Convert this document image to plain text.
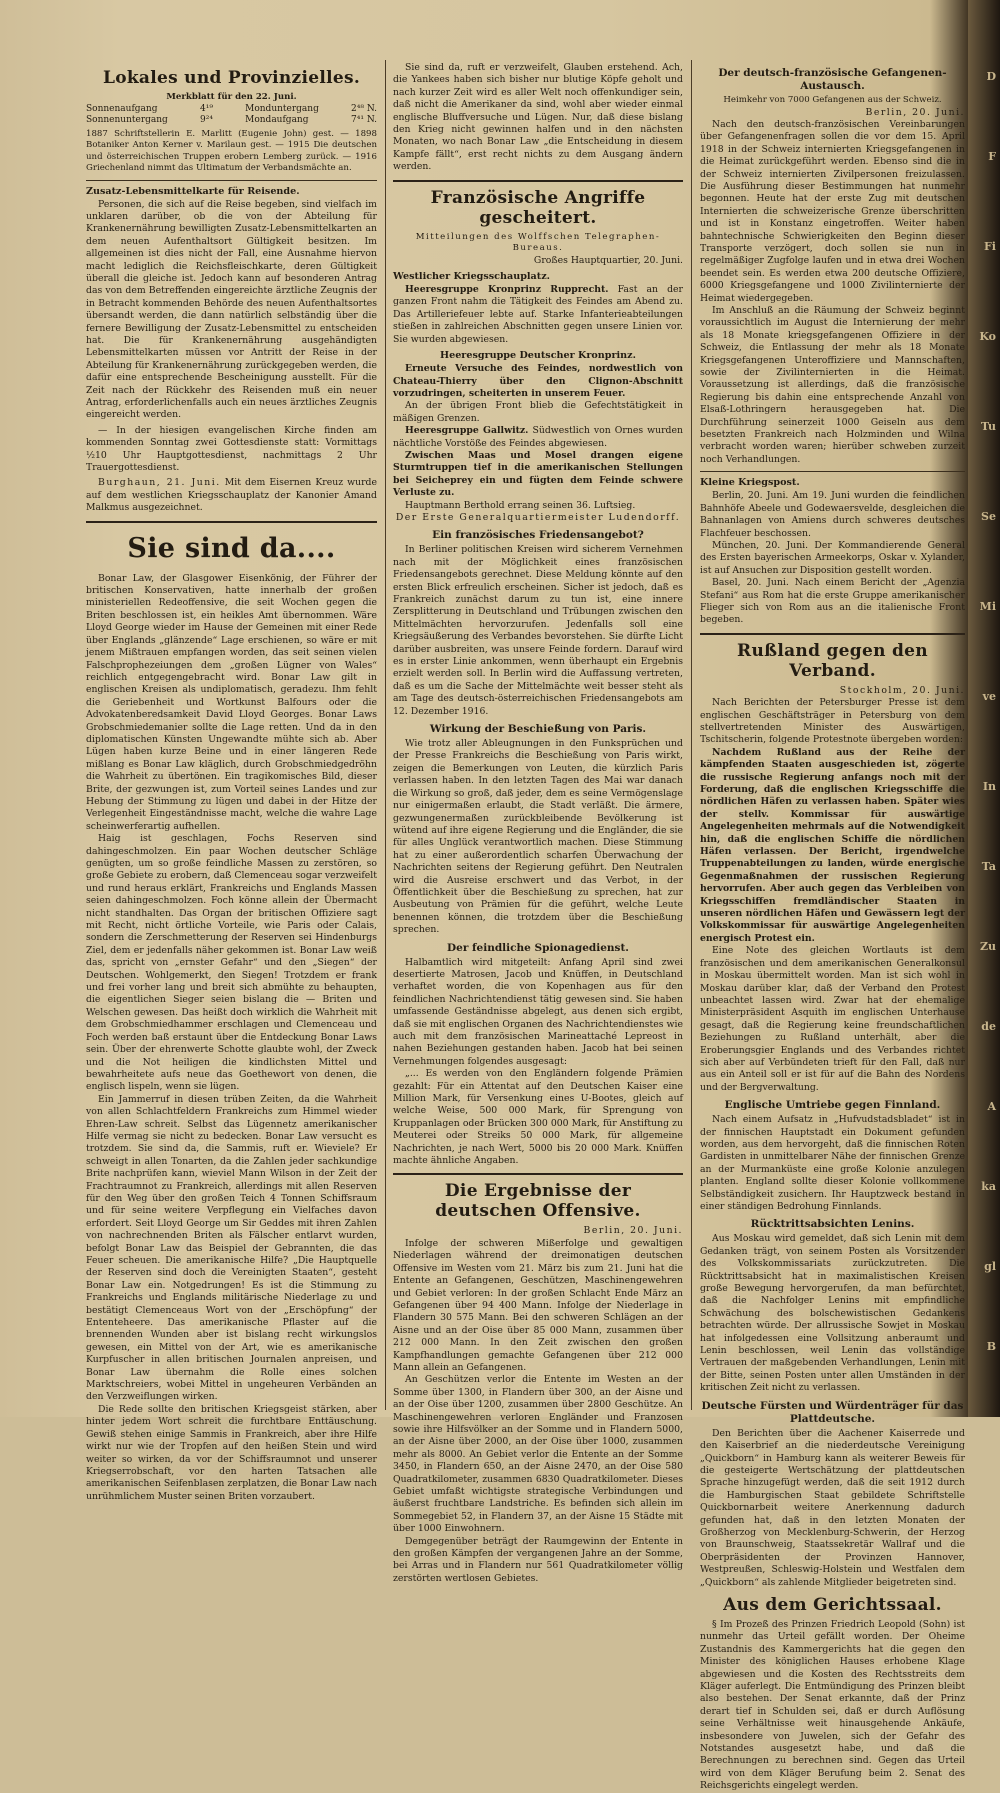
Lokales und Provinzielles.
Merkblatt für den 22. Juni.
Sonnenaufgang
Sonnenuntergang
4¹⁹
9²⁴
Monduntergang
Mondaufgang
2⁴⁸ N.
7⁴¹ N.
1887 Schriftstellerin E. Marlitt (Eugenie John) gest. — 1898 Botaniker Anton Kerner v. Marilaun gest. — 1915 Die deutschen und österreichischen Truppen erobern Lemberg zurück. — 1916 Griechenland nimmt das Ultimatum der Verbandsmächte an.
Zusatz-Lebensmittelkarte für Reisende.

Personen, die sich auf die Reise begeben, sind vielfach im unklaren darüber, ob die von der Abteilung für Krankenernährung bewilligten Zusatz-Lebensmittelkarten an dem neuen Aufenthaltsort Gültigkeit besitzen. Im allgemeinen ist dies nicht der Fall, eine Ausnahme hiervon macht lediglich die Reichsfleischkarte, deren Gültigkeit überall die gleiche ist. Jedoch kann auf besonderen Antrag das von dem Betreffenden eingereichte ärztliche Zeugnis der in Betracht kommenden Behörde des neuen Aufenthaltsortes übersandt werden, die dann natürlich selbständig über die fernere Bewilligung der Zusatz-Lebensmittel zu entscheiden hat. Die für Krankenernährung ausgehändigten Lebensmittelkarten müssen vor Antritt der Reise in der Abteilung für Krankenernährung zurückgegeben werden, die dafür eine entsprechende Bescheinigung ausstellt. Für die Zeit nach der Rückkehr des Reisenden muß ein neuer Antrag, erforderlichenfalls auch ein neues ärztliches Zeugnis eingereicht werden.

— In der hiesigen evangelischen Kirche finden am kommenden Sonntag zwei Gottesdienste statt: Vormittags ½10 Uhr Hauptgottesdienst, nachmittags 2 Uhr Trauergottesdienst.

Burghaun, 21. Juni. Mit dem Eisernen Kreuz wurde auf dem westlichen Kriegsschauplatz der Kanonier Amand Malkmus ausgezeichnet.

Sie sind da....

Bonar Law, der Glasgower Eisenkönig, der Führer der britischen Konservativen, hatte innerhalb der großen ministeriellen Redeoffensive, die seit Wochen gegen die Briten beschlossen ist, ein heikles Amt übernommen. Wäre Lloyd George wieder im Hause der Gemeinen mit einer Rede über Englands „glänzende“ Lage erschienen, so wäre er mit jenem Mißtrauen empfangen worden, das seit seinen vielen Falschprophezeiungen dem „großen Lügner von Wales“ reichlich entgegengebracht wird. Bonar Law gilt in englischen Kreisen als undiplomatisch, geradezu. Ihm fehlt die Geriebenheit und Wortkunst Balfours oder die Advokatenberedsamkeit David Lloyd Georges. Bonar Laws Grobschmiedemanier sollte die Lage retten. Und da in den diplomatischen Künsten Ungewandte mühte sich ab. Aber Lügen haben kurze Beine und in einer längeren Rede mißlang es Bonar Law kläglich, durch Grobschmiedgedröhn die Wahrheit zu übertönen. Ein tragikomisches Bild, dieser Brite, der gezwungen ist, zum Vorteil seines Landes und zur Hebung der Stimmung zu lügen und dabei in der Hitze der Verlegenheit Eingeständnisse macht, welche die wahre Lage scheinwerferartig aufhellen.

Haig ist geschlagen, Fochs Reserven sind dahingeschmolzen. Ein paar Wochen deutscher Schläge genügten, um so große feindliche Massen zu zerstören, so große Gebiete zu erobern, daß Clemenceau sogar verzweifelt und rund heraus erklärt, Frankreichs und Englands Massen seien dahingeschmolzen. Foch könne allein der Übermacht nicht standhalten. Das Organ der britischen Offiziere sagt mit Recht, nicht örtliche Vorteile, wie Paris oder Calais, sondern die Zerschmetterung der Reserven sei Hindenburgs Ziel, dem er jedenfalls näher gekommen ist. Bonar Law weiß das, spricht von „ernster Gefahr“ und den „Siegen“ der Deutschen. Wohlgemerkt, den Siegen! Trotzdem er frank und frei vorher lang und breit sich abmühte zu behaupten, die eigentlichen Sieger seien bislang die — Briten und Welschen gewesen. Das heißt doch wirklich die Wahrheit mit dem Grobschmiedhammer erschlagen und Clemenceau und Foch werden baß erstaunt über die Entdeckung Bonar Laws sein. Über der ehrenwerte Schotte glaubte wohl, der Zweck und die Not heiligen die kindlichsten Mittel und bewahrheitete aufs neue das Goethewort von denen, die englisch lispeln, wenn sie lügen.

Ein Jammerruf in diesen trüben Zeiten, da die Wahrheit von allen Schlachtfeldern Frankreichs zum Himmel wieder Ehren-Law schreit. Selbst das Lügennetz amerikanischer Hilfe vermag sie nicht zu bedecken. Bonar Law versucht es trotzdem. Sie sind da, die Sammis, ruft er. Wieviele? Er schweigt in allen Tonarten, da die Zahlen jeder sachkundige Brite nachprüfen kann, wieviel Mann Wilson in der Zeit der Frachtraumnot zu Frankreich, allerdings mit allen Reserven für den Weg über den großen Teich 4 Tonnen Schiffsraum und für seine weitere Verpflegung ein Vielfaches davon erfordert. Seit Lloyd George um Sir Geddes mit ihren Zahlen von nachrechnenden Briten als Fälscher entlarvt wurden, befolgt Bonar Law das Beispiel der Gebrannten, die das Feuer scheuen. Die amerikanische Hilfe? „Die Hauptquelle der Reserven sind doch die Vereinigten Staaten“, gesteht Bonar Law ein. Notgedrungen! Es ist die Stimmung zu Frankreichs und Englands militärische Niederlage zu und bestätigt Clemenceaus Wort von der „Erschöpfung“ der Ententeheere. Das amerikanische Pflaster auf die brennenden Wunden aber ist bislang recht wirkungslos gewesen, ein Mittel von der Art, wie es amerikanische Kurpfuscher in allen britischen Journalen anpreisen, und Bonar Law übernahm die Rolle eines solchen Marktschreiers, wobei Mittel in ungeheuren Verbänden an den Verzweiflungen wirken.

Die Rede sollte den britischen Kriegsgeist stärken, aber hinter jedem Wort schreit die furchtbare Enttäuschung. Gewiß stehen einige Sammis in Frankreich, aber ihre Hilfe wirkt nur wie der Tropfen auf den heißen Stein und wird weiter so wirken, da vor der Schiffsraumnot und unserer Kriegserrobschaft, vor den harten Tatsachen alle amerikanischen Seifenblasen zerplatzen, die Bonar Law nach unrühmlichem Muster seinen Briten vorzaubert.

Sie sind da, ruft er verzweifelt, Glauben erstehend. Ach, die Yankees haben sich bisher nur blutige Köpfe geholt und nach kurzer Zeit wird es aller Welt noch offenkundiger sein, daß nicht die Amerikaner da sind, wohl aber wieder einmal englische Bluffversuche und Lügen. Nur, daß diese bislang den Krieg nicht gewinnen halfen und in den nächsten Monaten, wo nach Bonar Law „die Entscheidung in diesem Kampfe fällt“, erst recht nichts zu dem Ausgang ändern werden.

Französische Angriffe gescheitert.
Mitteilungen des Wolffschen Telegraphen-Bureaus.
Großes Hauptquartier, 20. Juni.
Westlicher Kriegsschauplatz.

Heeresgruppe Kronprinz Rupprecht. Fast an der ganzen Front nahm die Tätigkeit des Feindes am Abend zu. Das Artilleriefeuer lebte auf. Starke Infanterieabteilungen stießen in zahlreichen Abschnitten gegen unsere Linien vor. Sie wurden abgewiesen.

Heeresgruppe Deutscher Kronprinz.

Erneute Versuche des Feindes, nordwestlich von Chateau-Thierry über den Clignon-Abschnitt vorzudringen, scheiterten in unserem Feuer.

An der übrigen Front blieb die Gefechtstätigkeit in mäßigen Grenzen.

Heeresgruppe Gallwitz. Südwestlich von Ornes wurden nächtliche Vorstöße des Feindes abgewiesen.

Zwischen Maas und Mosel drangen eigene Sturmtruppen tief in die amerikanischen Stellungen bei Seicheprey ein und fügten dem Feinde schwere Verluste zu.

Hauptmann Berthold errang seinen 36. Luftsieg.

Der Erste Generalquartiermeister Ludendorff.
Ein französisches Friedensangebot?

In Berliner politischen Kreisen wird sicherem Vernehmen nach mit der Möglichkeit eines französischen Friedensangebots gerechnet. Diese Meldung könnte auf den ersten Blick erfreulich erscheinen. Sicher ist jedoch, daß es Frankreich zunächst darum zu tun ist, eine innere Zersplitterung in Deutschland und Trübungen zwischen den Mittelmächten hervorzurufen. Jedenfalls soll eine Kriegsäußerung des Verbandes bevorstehen. Sie dürfte Licht darüber ausbreiten, was unsere Feinde fordern. Darauf wird es in erster Linie ankommen, wenn überhaupt ein Ergebnis erzielt werden soll. In Berlin wird die Auffassung vertreten, daß es um die Sache der Mittelmächte weit besser steht als am Tage des deutsch-österreichischen Friedensangebots am 12. Dezember 1916.

Wirkung der Beschießung von Paris.

Wie trotz aller Ableugnungen in den Funksprüchen und der Presse Frankreichs die Beschießung von Paris wirkt, zeigen die Bemerkungen von Leuten, die kürzlich Paris verlassen haben. In den letzten Tagen des Mai war danach die Wirkung so groß, daß jeder, dem es seine Vermögenslage nur einigermaßen erlaubt, die Stadt verläßt. Die ärmere, gezwungenermaßen zurückbleibende Bevölkerung ist wütend auf ihre eigene Regierung und die Engländer, die sie für alles Unglück verantwortlich machen. Diese Stimmung hat zu einer außerordentlich scharfen Überwachung der Nachrichten seitens der Regierung geführt. Den Neutralen wird die Ausreise erschwert und das Verbot, in der Öffentlichkeit über die Beschießung zu sprechen, hat zur Ausbeutung von Prämien für die geführt, welche Leute benennen können, die trotzdem über die Beschießung sprechen.

Der feindliche Spionagedienst.

Halbamtlich wird mitgeteilt: Anfang April sind zwei desertierte Matrosen, Jacob und Knüffen, in Deutschland verhaftet worden, die von Kopenhagen aus für den feindlichen Nachrichtendienst tätig gewesen sind. Sie haben umfassende Geständnisse abgelegt, aus denen sich ergibt, daß sie mit englischen Organen des Nachrichtendienstes wie auch mit dem französischen Marineattaché Lepreost in nahen Beziehungen gestanden haben. Jacob hat bei seinen Vernehmungen folgendes ausgesagt:

„... Es werden von den Engländern folgende Prämien gezahlt: Für ein Attentat auf den Deutschen Kaiser eine Million Mark, für Versenkung eines U-Bootes, gleich auf welche Weise, 500 000 Mark, für Sprengung von Kruppanlagen oder Brücken 300 000 Mark, für Anstiftung zu Meuterei oder Streiks 50 000 Mark, für allgemeine Nachrichten, je nach Wert, 5000 bis 20 000 Mark. Knüffen machte ähnliche Angaben.

Die Ergebnisse der deutschen Offensive.
Berlin, 20. Juni.

Infolge der schweren Mißerfolge und gewaltigen Niederlagen während der dreimonatigen deutschen Offensive im Westen vom 21. März bis zum 21. Juni hat die Entente an Gefangenen, Geschützen, Maschinengewehren und Gebiet verloren: In der großen Schlacht Ende März an Gefangenen über 94 400 Mann. Infolge der Niederlage in Flandern 30 575 Mann. Bei den schweren Schlägen an der Aisne und an der Oise über 85 000 Mann, zusammen über 212 000 Mann. In den Zeit zwischen den großen Kampfhandlungen gemachte Gefangenen über 212 000 Mann allein an Gefangenen.

An Geschützen verlor die Entente im Westen an der Somme über 1300, in Flandern über 300, an der Aisne und an der Oise über 1200, zusammen über 2800 Geschütze. An Maschinengewehren verloren Engländer und Franzosen sowie ihre Hilfsvölker an der Somme und in Flandern 5000, an der Aisne über 2000, an der Oise über 1000, zusammen mehr als 8000. An Gebiet verlor die Entente an der Somme 3450, in Flandern 650, an der Aisne 2470, an der Oise 580 Quadratkilometer, zusammen 6830 Quadratkilometer. Dieses Gebiet umfaßt wichtigste strategische Verbindungen und äußerst fruchtbare Landstriche. Es befinden sich allein im Sommegebiet 52, in Flandern 37, an der Aisne 15 Städte mit über 1000 Einwohnern.

Demgegenüber beträgt der Raumgewinn der Entente in den großen Kämpfen der vergangenen Jahre an der Somme, bei Arras und in Flandern nur 561 Quadratkilometer völlig zerstörten wertlosen Gebietes.

Der deutsch-französische Gefangenen-Austausch.
Heimkehr von 7000 Gefangenen aus der Schweiz.
Berlin, 20. Juni.

Nach den deutsch-französischen Vereinbarungen über Gefangenenfragen sollen die vor dem 15. April 1918 in der Schweiz internierten Kriegsgefangenen in die Heimat zurückgeführt werden. Ebenso sind die in der Schweiz internierten Zivilpersonen freizulassen. Die Ausführung dieser Bestimmungen hat nunmehr begonnen. Heute hat der erste Zug mit deutschen Internierten die schweizerische Grenze überschritten und ist in Konstanz eingetroffen. Weiter haben bahntechnische Schwierigkeiten den Beginn dieser Transporte verzögert, doch sollen sie nun in regelmäßiger Zugfolge laufen und in etwa drei Wochen beendet sein. Es werden etwa 200 deutsche Offiziere, 6000 Kriegsgefangene und 1000 Zivilinternierte der Heimat wiedergegeben.

Im Anschluß an die Räumung der Schweiz beginnt voraussichtlich im August die Internierung der mehr als 18 Monate kriegsgefangenen Offiziere in der Schweiz, die Entlassung der mehr als 18 Monate Kriegsgefangenen Unteroffiziere und Mannschaften, sowie der Zivilinternierten in die Heimat. Voraussetzung ist allerdings, daß die französische Regierung bis dahin eine entsprechende Anzahl von Elsaß-Lothringern herausgegeben hat. Die Durchführung seinerzeit 1000 Geiseln aus dem besetzten Frankreich nach Holzminden und Wilna verbracht worden waren; hierüber schweben zurzeit noch Verhandlungen.

Kleine Kriegspost.

Berlin, 20. Juni. Am 19. Juni wurden die feindlichen Bahnhöfe Abeele und Godewaersvelde, desgleichen die Bahnanlagen von Amiens durch schweres deutsches Flachfeuer beschossen.

München, 20. Juni. Der Kommandierende General des Ersten bayerischen Armeekorps, Oskar v. Xylander, ist auf Ansuchen zur Disposition gestellt worden.

Basel, 20. Juni. Nach einem Bericht der „Agenzia Stefani“ aus Rom hat die erste Gruppe amerikanischer Flieger sich von Rom aus an die italienische Front begeben.

Rußland gegen den Verband.
Stockholm, 20. Juni.

Nach Berichten der Petersburger Presse ist dem englischen Geschäftsträger in Petersburg von dem stellvertretenden Minister des Auswärtigen, Tschitscherin, folgende Protestnote übergeben worden:

Nachdem Rußland aus der Reihe der kämpfenden Staaten ausgeschieden ist, zögerte die russische Regierung anfangs noch mit der Forderung, daß die englischen Kriegsschiffe die nördlichen Häfen zu verlassen haben. Später wies der stellv. Kommissar für auswärtige Angelegenheiten mehrmals auf die Notwendigkeit hin, daß die englischen Schiffe die nördlichen Häfen verlassen. Der Bericht, irgendwelche Truppenabteilungen zu landen, würde energische Gegenmaßnahmen der russischen Regierung hervorrufen. Aber auch gegen das Verbleiben von Kriegsschiffen fremdländischer Staaten in unseren nördlichen Häfen und Gewässern legt der Volkskommissar für auswärtige Angelegenheiten energisch Protest ein.

Eine Note des gleichen Wortlauts ist dem französischen und dem amerikanischen Generalkonsul in Moskau übermittelt worden. Man ist sich wohl in Moskau darüber klar, daß der Verband den Protest unbeachtet lassen wird. Zwar hat der ehemalige Ministerpräsident Asquith im englischen Unterhause gesagt, daß die Regierung keine freundschaftlichen Beziehungen zu Rußland unterhält, aber die Eroberungsgier Englands und des Verbandes richtet sich aber auf Verbündeten trieft für den Fall, daß nur aus ein Anteil soll er ist für auf die Bahn des Nordens und der Bergverwaltung.

Englische Umtriebe gegen Finnland.

Nach einem Aufsatz in „Hufvudstadsbladet“ ist in der finnischen Hauptstadt ein Dokument gefunden worden, aus dem hervorgeht, daß die finnischen Roten Gardisten in unmittelbarer Nähe der finnischen Grenze an der Murmanküste eine große Kolonie anzulegen planten. England sollte dieser Kolonie vollkommene Selbständigkeit zusichern. Ihr Hauptzweck bestand in einer ständigen Bedrohung Finnlands.

Rücktrittsabsichten Lenins.

Aus Moskau wird gemeldet, daß sich Lenin mit dem Gedanken trägt, von seinem Posten als Vorsitzender des Volkskommissariats zurückzutreten. Die Rücktrittsabsicht hat in maximalistischen Kreisen große Bewegung hervorgerufen, da man befürchtet, daß die Nachfolger Lenins mit empfindliche Schwächung des bolschewistischen Gedankens betrachten würde. Der allrussische Sowjet in Moskau hat infolgedessen eine Vollsitzung anberaumt und Lenin beschlossen, weil Lenin das vollständige Vertrauen der maßgebenden Verhandlungen, Lenin mit der Bitte, seinen Posten unter allen Umständen in der kritischen Zeit nicht zu verlassen.

Deutsche Fürsten und Würdenträger für das Plattdeutsche.

Den Berichten über die Aachener Kaiserrede und den Kaiserbrief an die niederdeutsche Vereinigung „Quickborn“ in Hamburg kann als weiterer Beweis für die gesteigerte Wertschätzung der plattdeutschen Sprache hinzugefügt werden, daß die seit 1912 durch die Hamburgischen Staat gebildete Schriftstelle Quickbornarbeit weitere Anerkennung dadurch gefunden hat, daß in den letzten Monaten der Großherzog von Mecklenburg-Schwerin, der Herzog von Braunschweig, Staatssekretär Wallraf und die Oberpräsidenten der Provinzen Hannover, Westpreußen, Schleswig-Holstein und Westfalen dem „Quickborn“ als zahlende Mitglieder beigetreten sind.

Aus dem Gerichtssaal.

§ Im Prozeß des Prinzen Friedrich Leopold (Sohn) ist nunmehr das Urteil gefällt worden. Der Oheime Zustandnis des Kammergerichts hat die gegen den Minister des königlichen Hauses erhobene Klage abgewiesen und die Kosten des Rechtsstreits dem Kläger auferlegt. Die Entmündigung des Prinzen bleibt also bestehen. Der Senat erkannte, daß der Prinz derart tief in Schulden sei, daß er durch Auflösung seine Verhältnisse weit hinausgehende Ankäufe, insbesondere von Juwelen, sich der Gefahr des Notstandes ausgesetzt habe, und daß die Berechnungen zu berechnen sind. Gegen das Urteil wird von dem Kläger Berufung beim 2. Senat des Reichsgerichts eingelegt werden.

D
F
Fi
Ko
Tu
Se
Mi
ve
In
Ta
Zu
de
A
ka
gl
B
